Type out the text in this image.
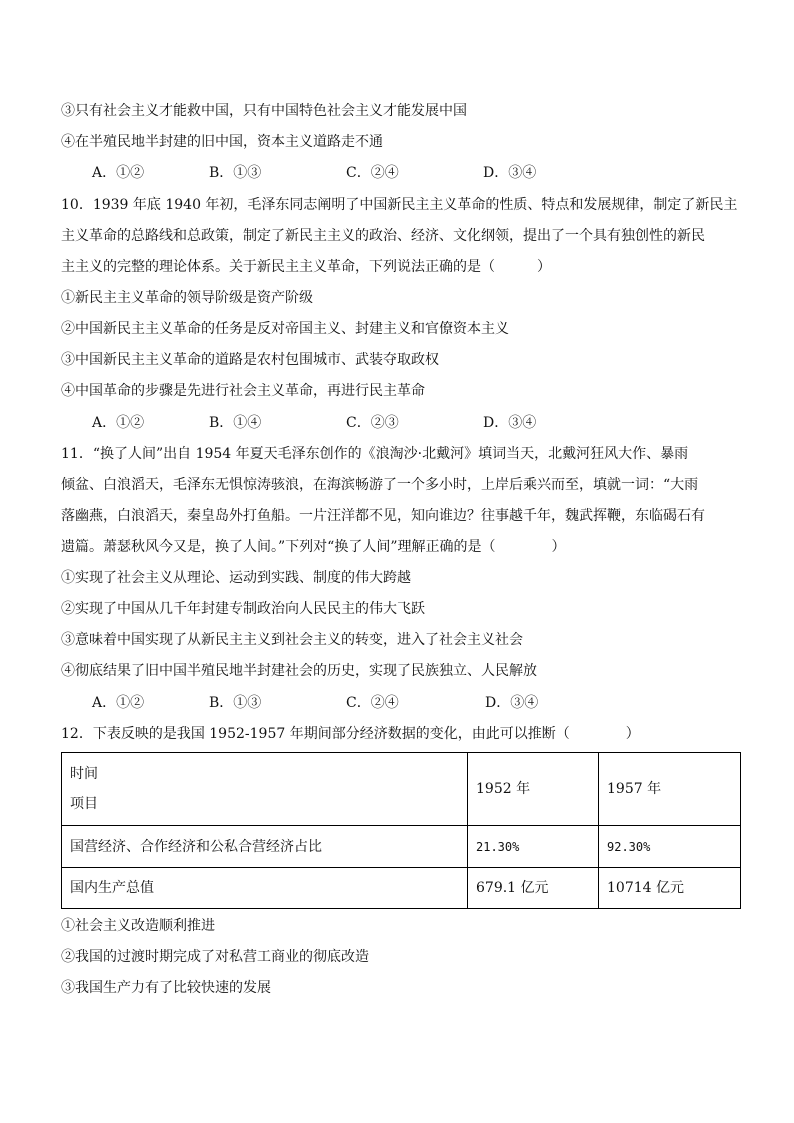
③只有社会主义才能救中国，只有中国特色社会主义才能发展中国
④在半殖民地半封建的旧中国，资本主义道路走不通
A．①②	B．①③	C．②④	D．③④
10．1939 年底 1940 年初，毛泽东同志阐明了中国新民主主义革命的性质、特点和发展规律，制定了新民主
主义革命的总路线和总政策，制定了新民主主义的政治、经济、文化纲领，提出了一个具有独创性的新民
主主义的完整的理论体系。关于新民主主义革命，下列说法正确的是（　　　）
①新民主主义革命的领导阶级是资产阶级
②中国新民主主义革命的任务是反对帝国主义、封建主义和官僚资本主义
③中国新民主主义革命的道路是农村包围城市、武装夺取政权
④中国革命的步骤是先进行社会主义革命，再进行民主革命
A．①②	B．①④	C．②③	D．③④
11．“换了人间”出自 1954 年夏天毛泽东创作的《浪淘沙·北戴河》填词当天，北戴河狂风大作、暴雨
倾盆、白浪滔天，毛泽东无惧惊涛骇浪，在海滨畅游了一个多小时，上岸后乘兴而至，填就一词：“大雨
落幽燕，白浪滔天，秦皇岛外打鱼船。一片汪洋都不见，知向谁边？往事越千年，魏武挥鞭，东临碣石有
遗篇。萧瑟秋风今又是，换了人间。”下列对“换了人间”理解正确的是（　　　　）
①实现了社会主义从理论、运动到实践、制度的伟大跨越
②实现了中国从几千年封建专制政治向人民民主的伟大飞跃
③意味着中国实现了从新民主主义到社会主义的转变，进入了社会主义社会
④彻底结果了旧中国半殖民地半封建社会的历史，实现了民族独立、人民解放
A．①②	B．①③	C．②④	D．③④
12．下表反映的是我国 1952-1957 年期间部分经济数据的变化，由此可以推断（　　　　）
时间
项目	1952 年	1957 年
国营经济、合作经济和公私合营经济占比	21.30%	92.30%
国内生产总值	679.1 亿元	10714 亿元
①社会主义改造顺利推进
②我国的过渡时期完成了对私营工商业的彻底改造
③我国生产力有了比较快速的发展
